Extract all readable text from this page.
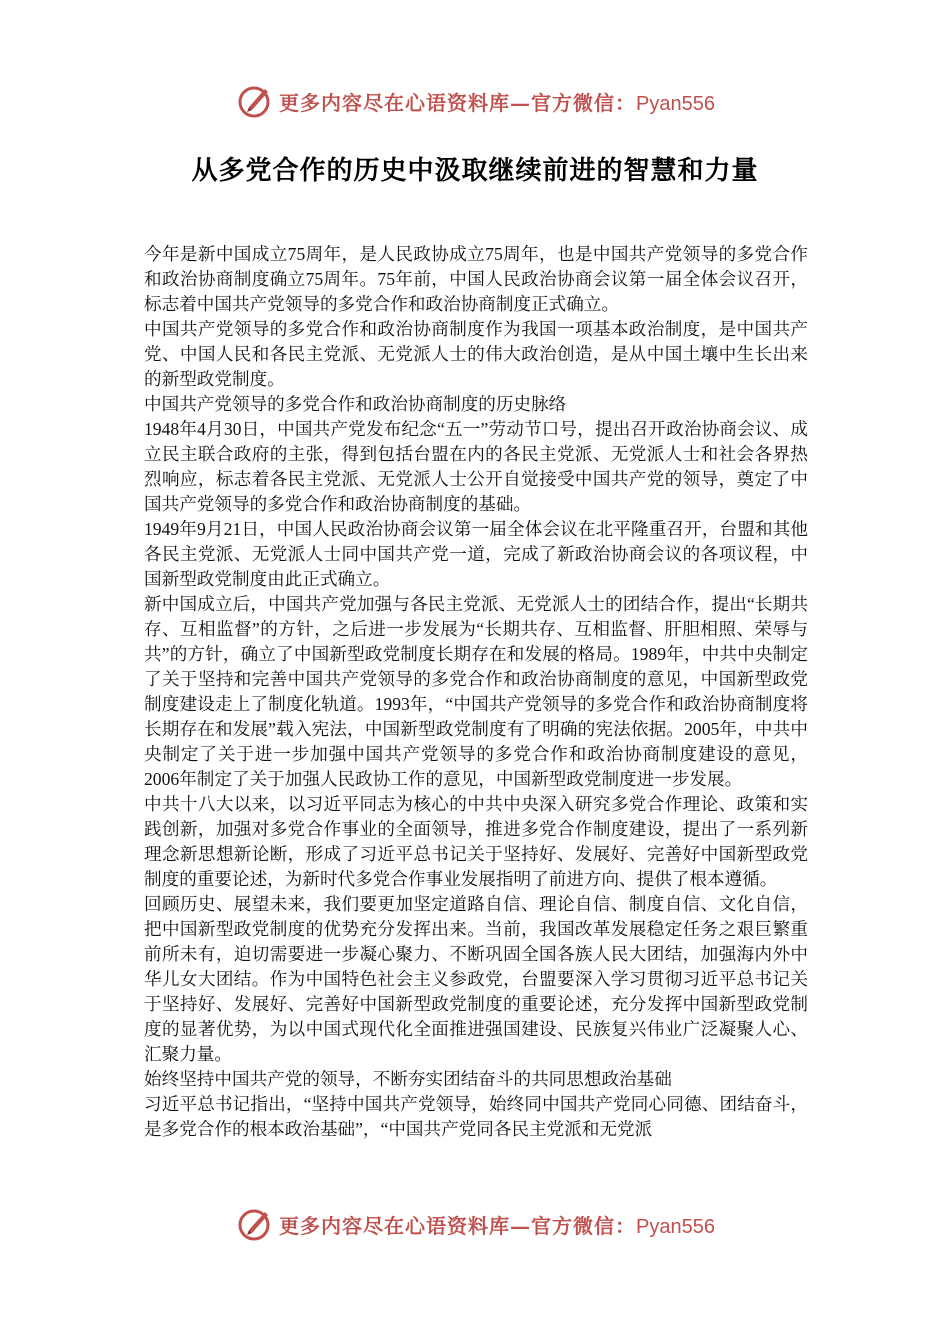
更多内容尽在心语资料库—官方微信：Pyan556
从多党合作的历史中汲取继续前进的智慧和力量

今年是新中国成立75周年，是人民政协成立75周年，也是中国共产党领导的多党合作和政治协商制度确立75周年。75年前，中国人民政治协商会议第一届全体会议召开，标志着中国共产党领导的多党合作和政治协商制度正式确立。

中国共产党领导的多党合作和政治协商制度作为我国一项基本政治制度，是中国共产党、中国人民和各民主党派、无党派人士的伟大政治创造，是从中国土壤中生长出来的新型政党制度。

中国共产党领导的多党合作和政治协商制度的历史脉络

1948年4月30日，中国共产党发布纪念“五一”劳动节口号，提出召开政治协商会议、成立民主联合政府的主张，得到包括台盟在内的各民主党派、无党派人士和社会各界热烈响应，标志着各民主党派、无党派人士公开自觉接受中国共产党的领导，奠定了中国共产党领导的多党合作和政治协商制度的基础。

1949年9月21日，中国人民政治协商会议第一届全体会议在北平隆重召开，台盟和其他各民主党派、无党派人士同中国共产党一道，完成了新政治协商会议的各项议程，中国新型政党制度由此正式确立。

新中国成立后，中国共产党加强与各民主党派、无党派人士的团结合作，提出“长期共存、互相监督”的方针，之后进一步发展为“长期共存、互相监督、肝胆相照、荣辱与共”的方针，确立了中国新型政党制度长期存在和发展的格局。1989年，中共中央制定了关于坚持和完善中国共产党领导的多党合作和政治协商制度的意见，中国新型政党制度建设走上了制度化轨道。1993年，“中国共产党领导的多党合作和政治协商制度将长期存在和发展”载入宪法，中国新型政党制度有了明确的宪法依据。2005年，中共中央制定了关于进一步加强中国共产党领导的多党合作和政治协商制度建设的意见，2006年制定了关于加强人民政协工作的意见，中国新型政党制度进一步发展。

中共十八大以来，以习近平同志为核心的中共中央深入研究多党合作理论、政策和实践创新，加强对多党合作事业的全面领导，推进多党合作制度建设，提出了一系列新理念新思想新论断，形成了习近平总书记关于坚持好、发展好、完善好中国新型政党制度的重要论述，为新时代多党合作事业发展指明了前进方向、提供了根本遵循。

回顾历史、展望未来，我们要更加坚定道路自信、理论自信、制度自信、文化自信，把中国新型政党制度的优势充分发挥出来。当前，我国改革发展稳定任务之艰巨繁重前所未有，迫切需要进一步凝心聚力、不断巩固全国各族人民大团结，加强海内外中华儿女大团结。作为中国特色社会主义参政党，台盟要深入学习贯彻习近平总书记关于坚持好、发展好、完善好中国新型政党制度的重要论述，充分发挥中国新型政党制度的显著优势，为以中国式现代化全面推进强国建设、民族复兴伟业广泛凝聚人心、汇聚力量。

始终坚持中国共产党的领导，不断夯实团结奋斗的共同思想政治基础

习近平总书记指出，“坚持中国共产党领导，始终同中国共产党同心同德、团结奋斗，是多党合作的根本政治基础”，“中国共产党同各民主党派和无党派

更多内容尽在心语资料库—官方微信：Pyan556
